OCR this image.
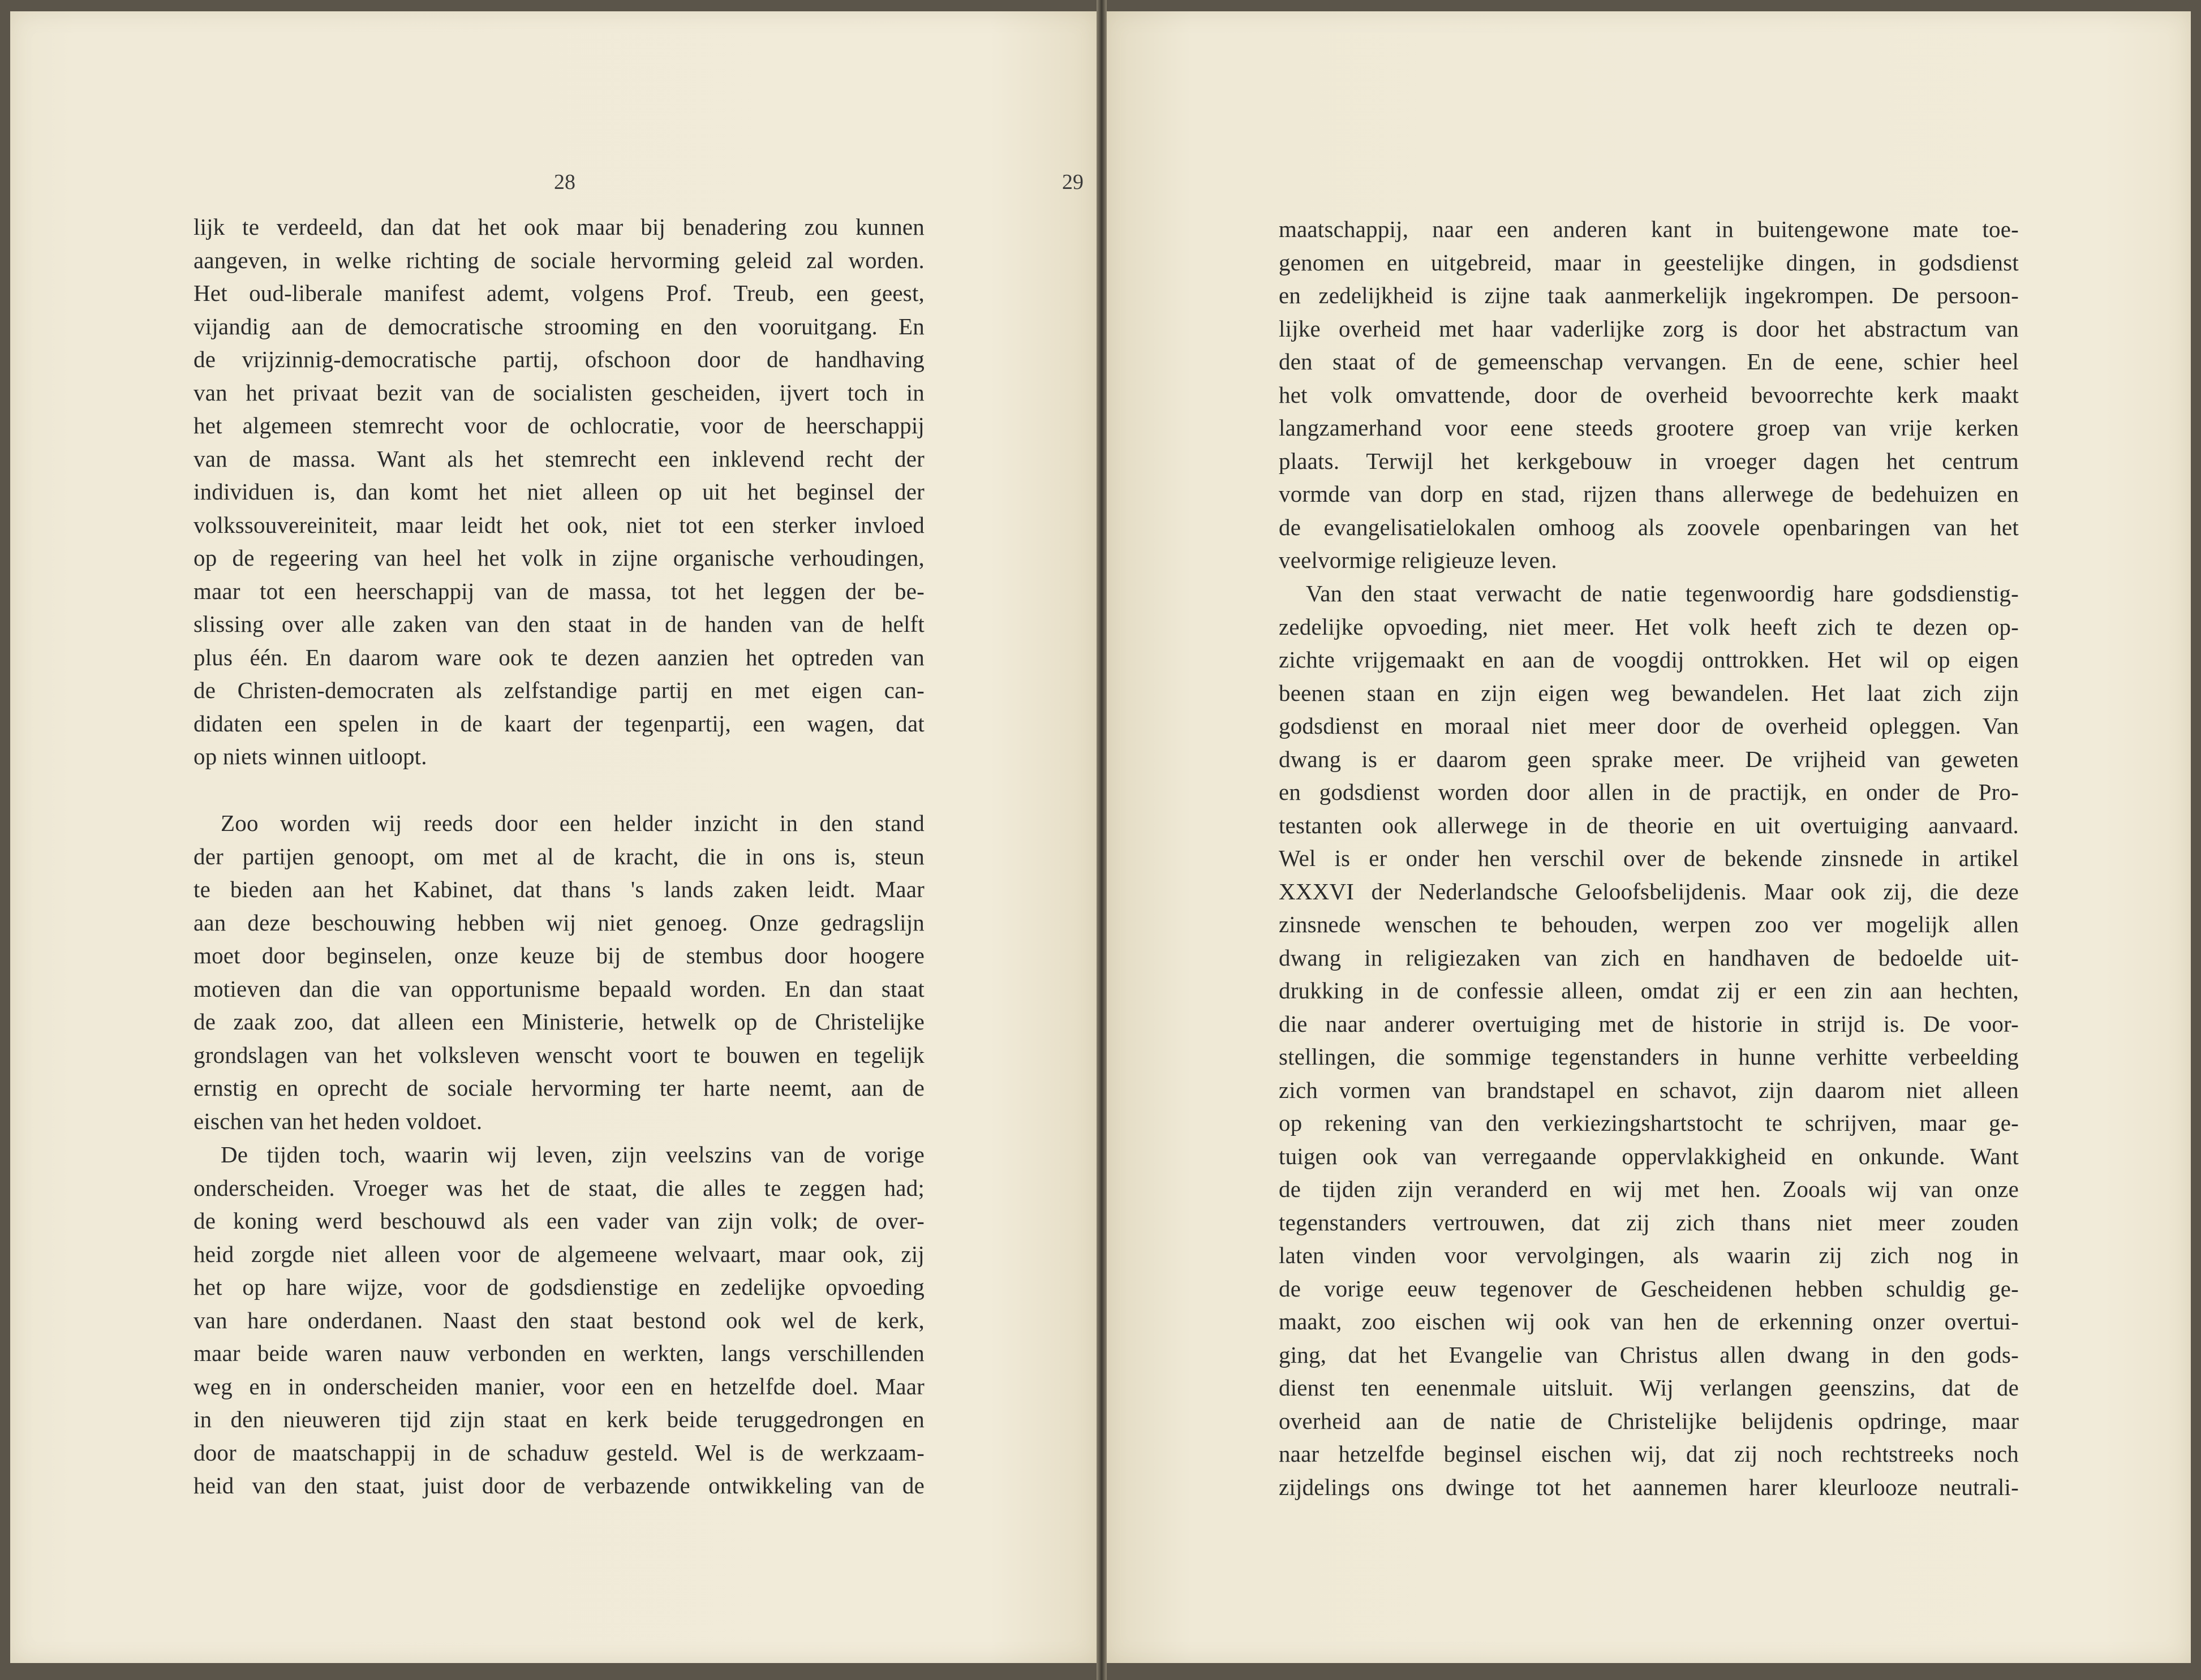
28	29
lijk te verdeeld, dan dat het ook maar bij benadering zou kunnen
aangeven, in welke richting de sociale hervorming geleid zal worden.
Het oud-liberale manifest ademt, volgens Prof. Treub, een geest,
vijandig aan de democratische strooming en den vooruitgang. En
de vrijzinnig-democratische partij, ofschoon door de handhaving
van het privaat bezit van de socialisten gescheiden, ijvert toch in
het algemeen stemrecht voor de ochlocratie, voor de heerschappij
van de massa. Want als het stemrecht een inklevend recht der
individuen is, dan komt het niet alleen op uit het beginsel der
volkssouvereiniteit, maar leidt het ook, niet tot een sterker invloed
op de regeering van heel het volk in zijne organische verhoudingen,
maar tot een heerschappij van de massa, tot het leggen der be-
slissing over alle zaken van den staat in de handen van de helft
plus één. En daarom ware ook te dezen aanzien het optreden van
de Christen-democraten als zelfstandige partij en met eigen can-
didaten een spelen in de kaart der tegenpartij, een wagen, dat
op niets winnen uitloopt.
Zoo worden wij reeds door een helder inzicht in den stand
der partijen genoopt, om met al de kracht, die in ons is, steun
te bieden aan het Kabinet, dat thans 's lands zaken leidt. Maar
aan deze beschouwing hebben wij niet genoeg. Onze gedragslijn
moet door beginselen, onze keuze bij de stembus door hoogere
motieven dan die van opportunisme bepaald worden. En dan staat
de zaak zoo, dat alleen een Ministerie, hetwelk op de Christelijke
grondslagen van het volksleven wenscht voort te bouwen en tegelijk
ernstig en oprecht de sociale hervorming ter harte neemt, aan de
eischen van het heden voldoet.
De tijden toch, waarin wij leven, zijn veelszins van de vorige
onderscheiden. Vroeger was het de staat, die alles te zeggen had;
de koning werd beschouwd als een vader van zijn volk; de over-
heid zorgde niet alleen voor de algemeene welvaart, maar ook, zij
het op hare wijze, voor de godsdienstige en zedelijke opvoeding
van hare onderdanen. Naast den staat bestond ook wel de kerk,
maar beide waren nauw verbonden en werkten, langs verschillenden
weg en in onderscheiden manier, voor een en hetzelfde doel. Maar
in den nieuweren tijd zijn staat en kerk beide teruggedrongen en
door de maatschappij in de schaduw gesteld. Wel is de werkzaam-
heid van den staat, juist door de verbazende ontwikkeling van de
maatschappij, naar een anderen kant in buitengewone mate toe-
genomen en uitgebreid, maar in geestelijke dingen, in godsdienst
en zedelijkheid is zijne taak aanmerkelijk ingekrompen. De persoon-
lijke overheid met haar vaderlijke zorg is door het abstractum van
den staat of de gemeenschap vervangen. En de eene, schier heel
het volk omvattende, door de overheid bevoorrechte kerk maakt
langzamerhand voor eene steeds grootere groep van vrije kerken
plaats. Terwijl het kerkgebouw in vroeger dagen het centrum
vormde van dorp en stad, rijzen thans allerwege de bedehuizen en
de evangelisatielokalen omhoog als zoovele openbaringen van het
veelvormige religieuze leven.
Van den staat verwacht de natie tegenwoordig hare godsdienstig-
zedelijke opvoeding, niet meer. Het volk heeft zich te dezen op-
zichte vrijgemaakt en aan de voogdij onttrokken. Het wil op eigen
beenen staan en zijn eigen weg bewandelen. Het laat zich zijn
godsdienst en moraal niet meer door de overheid opleggen. Van
dwang is er daarom geen sprake meer. De vrijheid van geweten
en godsdienst worden door allen in de practijk, en onder de Pro-
testanten ook allerwege in de theorie en uit overtuiging aanvaard.
Wel is er onder hen verschil over de bekende zinsnede in artikel
XXXVI der Nederlandsche Geloofsbelijdenis. Maar ook zij, die deze
zinsnede wenschen te behouden, werpen zoo ver mogelijk allen
dwang in religiezaken van zich en handhaven de bedoelde uit-
drukking in de confessie alleen, omdat zij er een zin aan hechten,
die naar anderer overtuiging met de historie in strijd is. De voor-
stellingen, die sommige tegenstanders in hunne verhitte verbeelding
zich vormen van brandstapel en schavot, zijn daarom niet alleen
op rekening van den verkiezingshartstocht te schrijven, maar ge-
tuigen ook van verregaande oppervlakkigheid en onkunde. Want
de tijden zijn veranderd en wij met hen. Zooals wij van onze
tegenstanders vertrouwen, dat zij zich thans niet meer zouden
laten vinden voor vervolgingen, als waarin zij zich nog in
de vorige eeuw tegenover de Gescheidenen hebben schuldig ge-
maakt, zoo eischen wij ook van hen de erkenning onzer overtui-
ging, dat het Evangelie van Christus allen dwang in den gods-
dienst ten eenenmale uitsluit. Wij verlangen geenszins, dat de
overheid aan de natie de Christelijke belijdenis opdringe, maar
naar hetzelfde beginsel eischen wij, dat zij noch rechtstreeks noch
zijdelings ons dwinge tot het aannemen harer kleurlooze neutrali-
